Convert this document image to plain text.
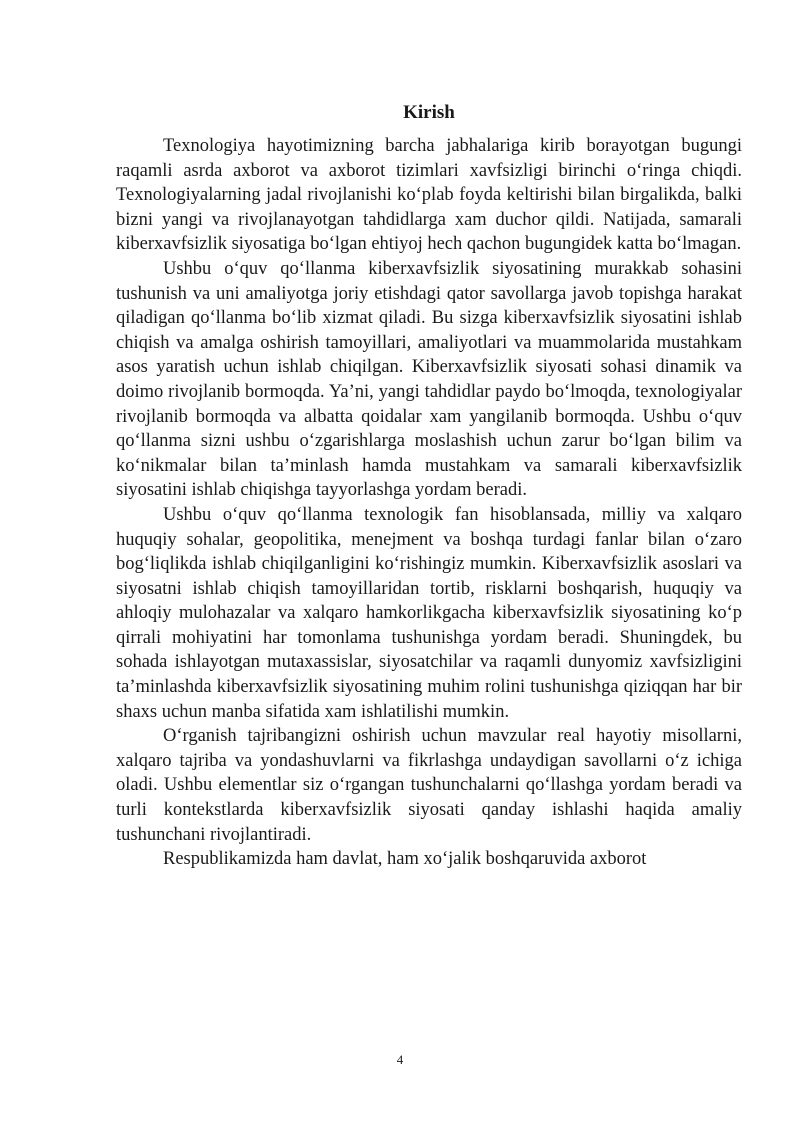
Kirish

Texnologiya hayotimizning barcha jabhalariga kirib borayotgan bugungi raqamli asrda axborot va axborot tizimlari xavfsizligi birinchi o‘ringa chiqdi. Texnologiyalarning jadal rivojlanishi ko‘plab foyda keltirishi bilan birgalikda, balki bizni yangi va rivojlanayotgan tahdidlarga xam duchor qildi. Natijada, samarali kiberxavfsizlik siyosatiga bo‘lgan ehtiyoj hech qachon bugungidek katta bo‘lmagan.

Ushbu o‘quv qo‘llanma kiberxavfsizlik siyosatining murakkab sohasini tushunish va uni amaliyotga joriy etishdagi qator savollarga javob topishga harakat qiladigan qo‘llanma bo‘lib xizmat qiladi. Bu sizga kiberxavfsizlik siyosatini ishlab chiqish va amalga oshirish tamoyillari, amaliyotlari va muammolarida mustahkam asos yaratish uchun ishlab chiqilgan. Kiberxavfsizlik siyosati sohasi dinamik va doimo rivojlanib bormoqda. Ya’ni, yangi tahdidlar paydo bo‘lmoqda, texnologiyalar rivojlanib bormoqda va albatta qoidalar xam yangilanib bormoqda. Ushbu o‘quv qo‘llanma sizni ushbu o‘zgarishlarga moslashish uchun zarur bo‘lgan bilim va ko‘nikmalar bilan ta’minlash hamda mustahkam va samarali kiberxavfsizlik siyosatini ishlab chiqishga tayyorlashga yordam beradi.

Ushbu o‘quv qo‘llanma texnologik fan hisoblansada, milliy va xalqaro huquqiy sohalar, geopolitika, menejment va boshqa turdagi fanlar bilan o‘zaro bog‘liqlikda ishlab chiqilganligini ko‘rishingiz mumkin. Kiberxavfsizlik asoslari va siyosatni ishlab chiqish tamoyillaridan tortib, risklarni boshqarish, huquqiy va ahloqiy mulohazalar va xalqaro hamkorlikgacha kiberxavfsizlik siyosatining ko‘p qirrali mohiyatini har tomonlama tushunishga yordam beradi. Shuningdek, bu sohada ishlayotgan mutaxassislar, siyosatchilar va raqamli dunyomiz xavfsizligini ta’minlashda kiberxavfsizlik siyosatining muhim rolini tushunishga qiziqqan har bir shaxs uchun manba sifatida xam ishlatilishi mumkin.

O‘rganish tajribangizni oshirish uchun mavzular real hayotiy misollarni, xalqaro tajriba va yondashuvlarni va fikrlashga undaydigan savollarni o‘z ichiga oladi. Ushbu elementlar siz o‘rgangan tushunchalarni qo‘llashga yordam beradi va turli kontekstlarda kiberxavfsizlik siyosati qanday ishlashi haqida amaliy tushunchani rivojlantiradi.

Respublikamizda ham davlat, ham xo‘jalik boshqaruvida axborot

4
